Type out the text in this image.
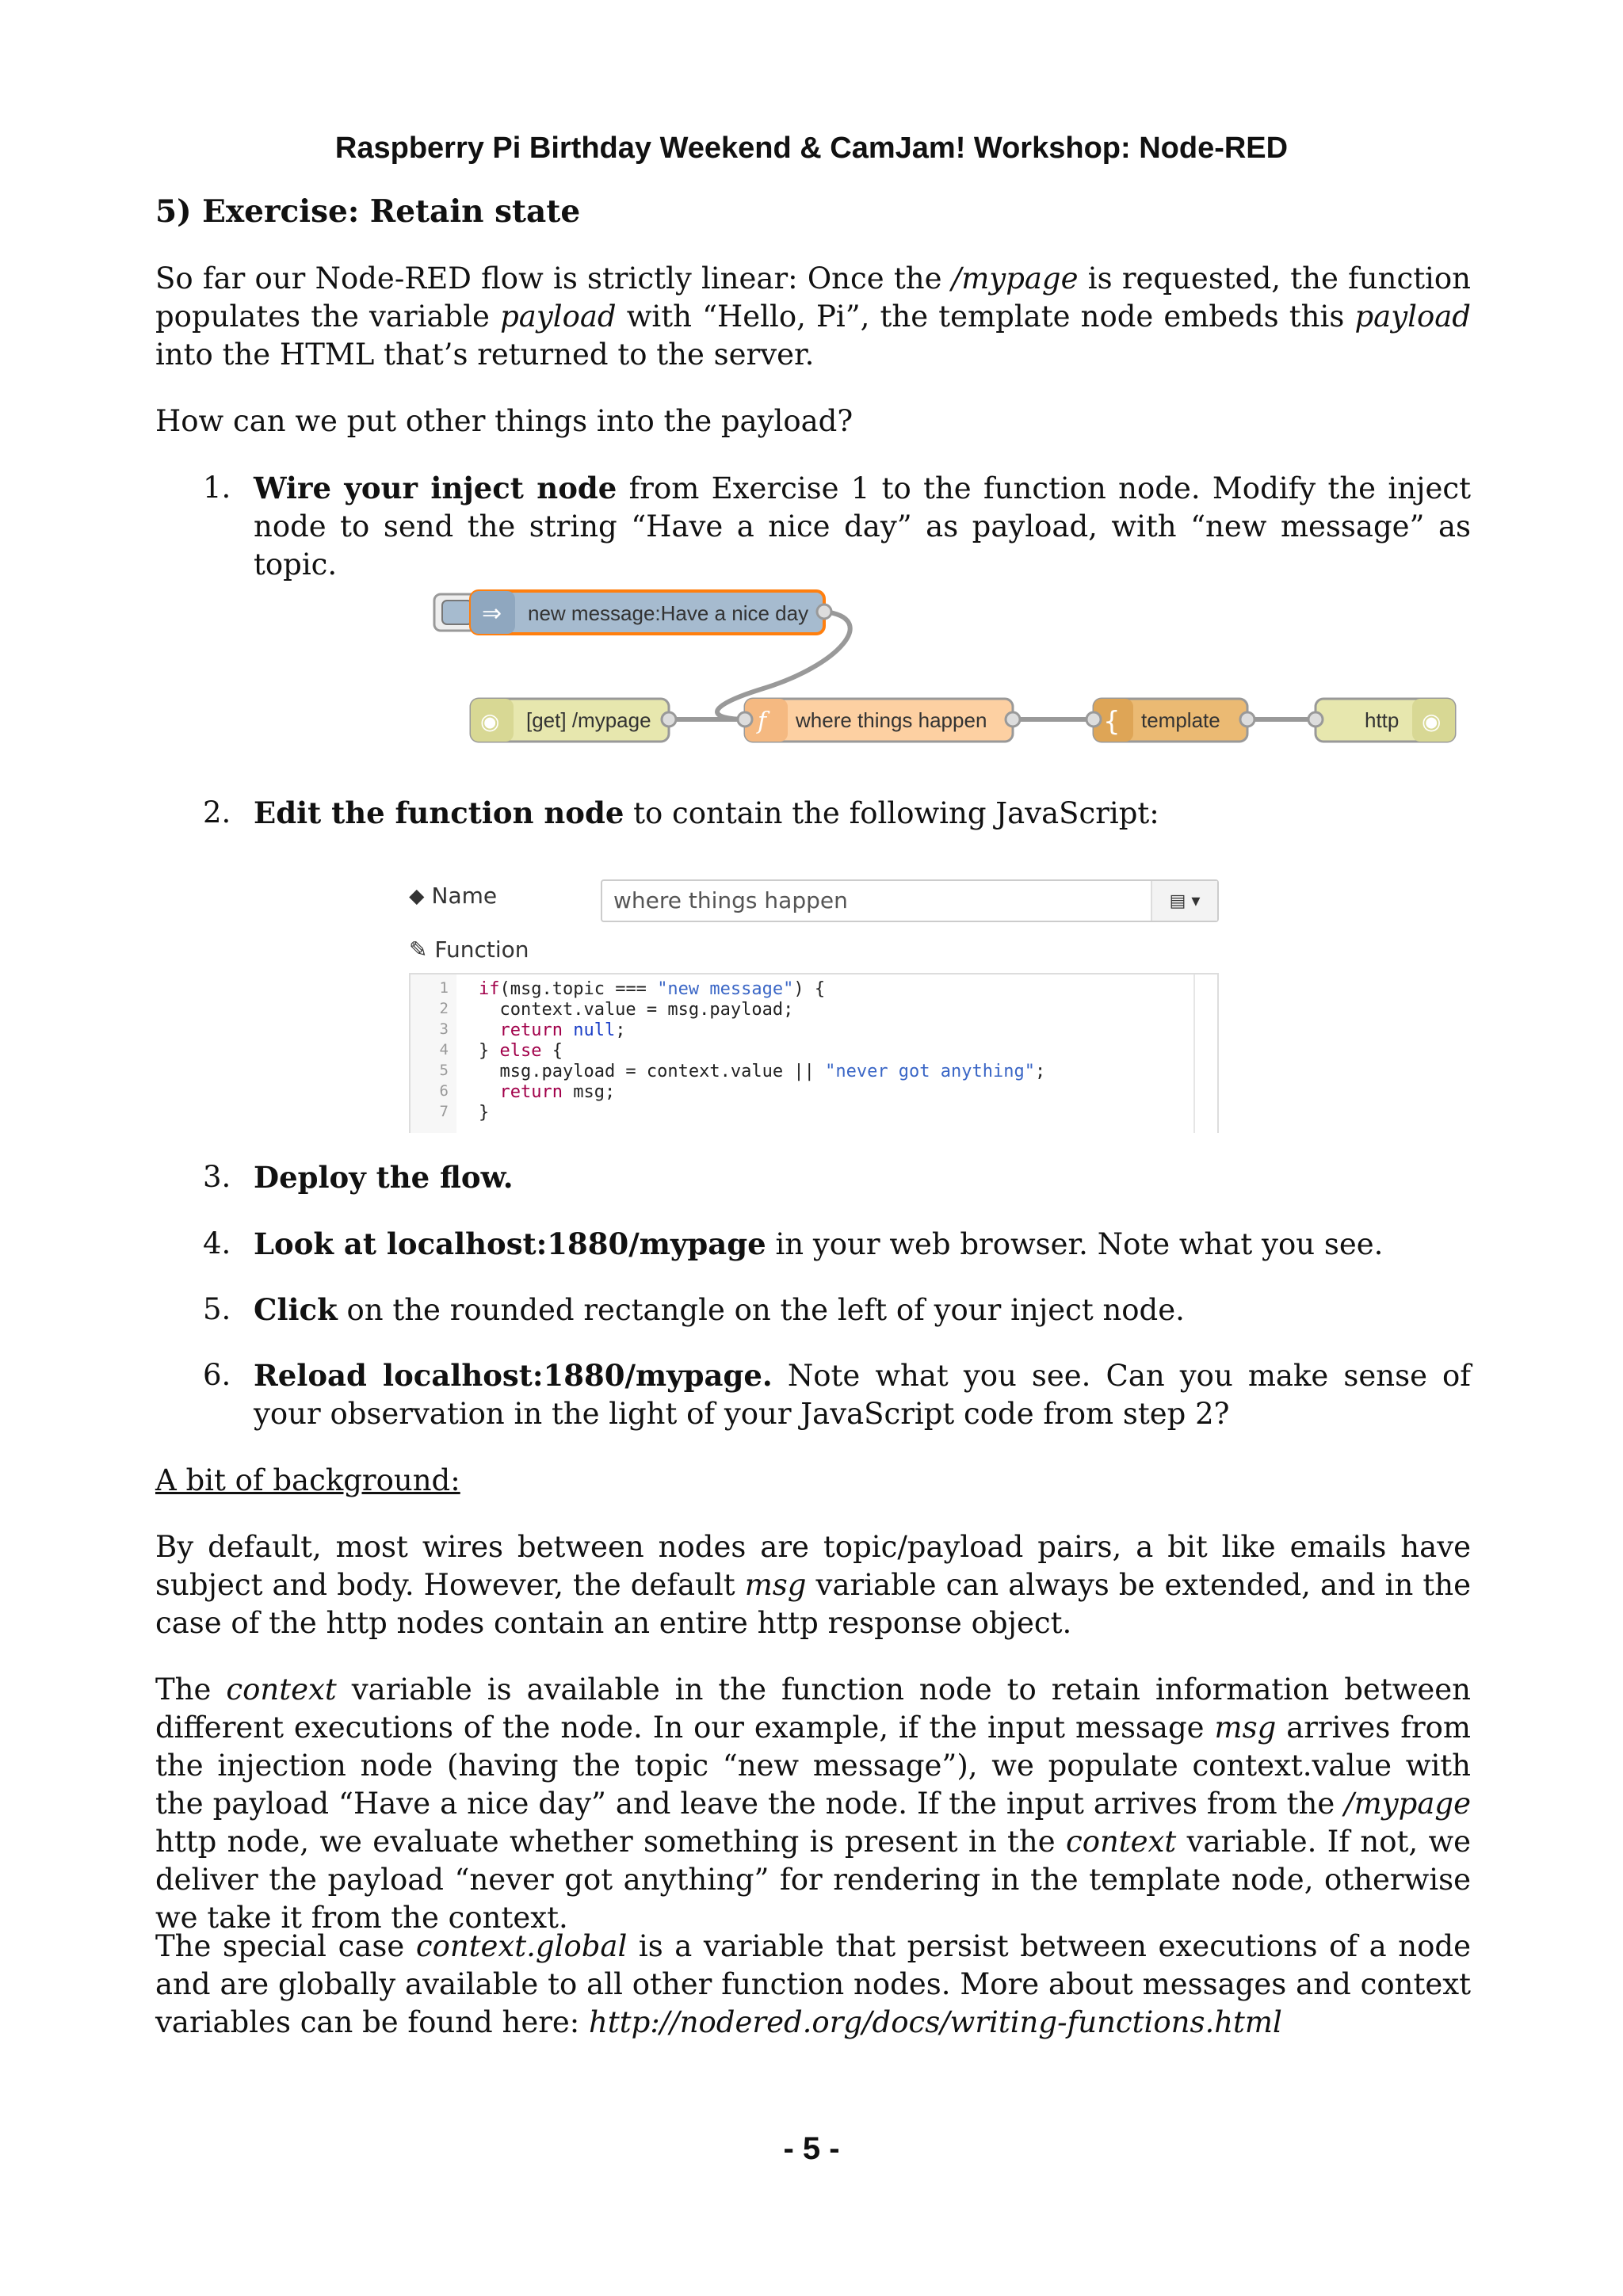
Raspberry Pi Birthday Weekend & CamJam! Workshop: Node-RED
5) Exercise: Retain state

So far our Node-RED flow is strictly linear: Once the /mypage is requested, the function populates the variable payload with “Hello, Pi”, the template node embeds this payload into the HTML that’s returned to the server.

How can we put other things into the payload?

1. Wire your inject node from Exercise 1 to the function node. Modify the inject node to send the string “Have a nice day” as payload, with “new message” as topic.
⇒ new message:Have a nice day
◉ [get] /mypage	f where things happen	{ template	◉
http
2. Edit the function node to contain the following JavaScript:
⬥ Name	where things happen	▤
▾
✎ Function
1 if(msg.topic === "new message") {
2 context.value = msg.payload;
3 return null;
4 } else {
5 msg.payload = context.value || "never got anything";
6 return msg;
7 }
3. Deploy the flow.
4. Look at localhost:1880/mypage in your web browser. Note what you see.
5. Click on the rounded rectangle on the left of your inject node.
6. Reload localhost:1880/mypage. Note what you see. Can you make sense of your observation in the light of your JavaScript code from step 2?
A bit of background:

By default, most wires between nodes are topic/payload pairs, a bit like emails have subject and body. However, the default msg variable can always be extended, and in the case of the http nodes contain an entire http response object.

The context variable is available in the function node to retain information between different executions of the node. In our example, if the input message msg arrives from the injection node (having the topic “new message”), we populate context.value with the payload “Have a nice day” and leave the node. If the input arrives from the /mypage http node, we evaluate whether something is present in the context variable. If not, we deliver the payload “never got anything” for rendering in the template node, otherwise we take it from the context.

The special case context.global is a variable that persist between executions of a node and are globally available to all other function nodes. More about messages and context variables can be found here: http://nodered.org/docs/writing-functions.html

- 5 -
